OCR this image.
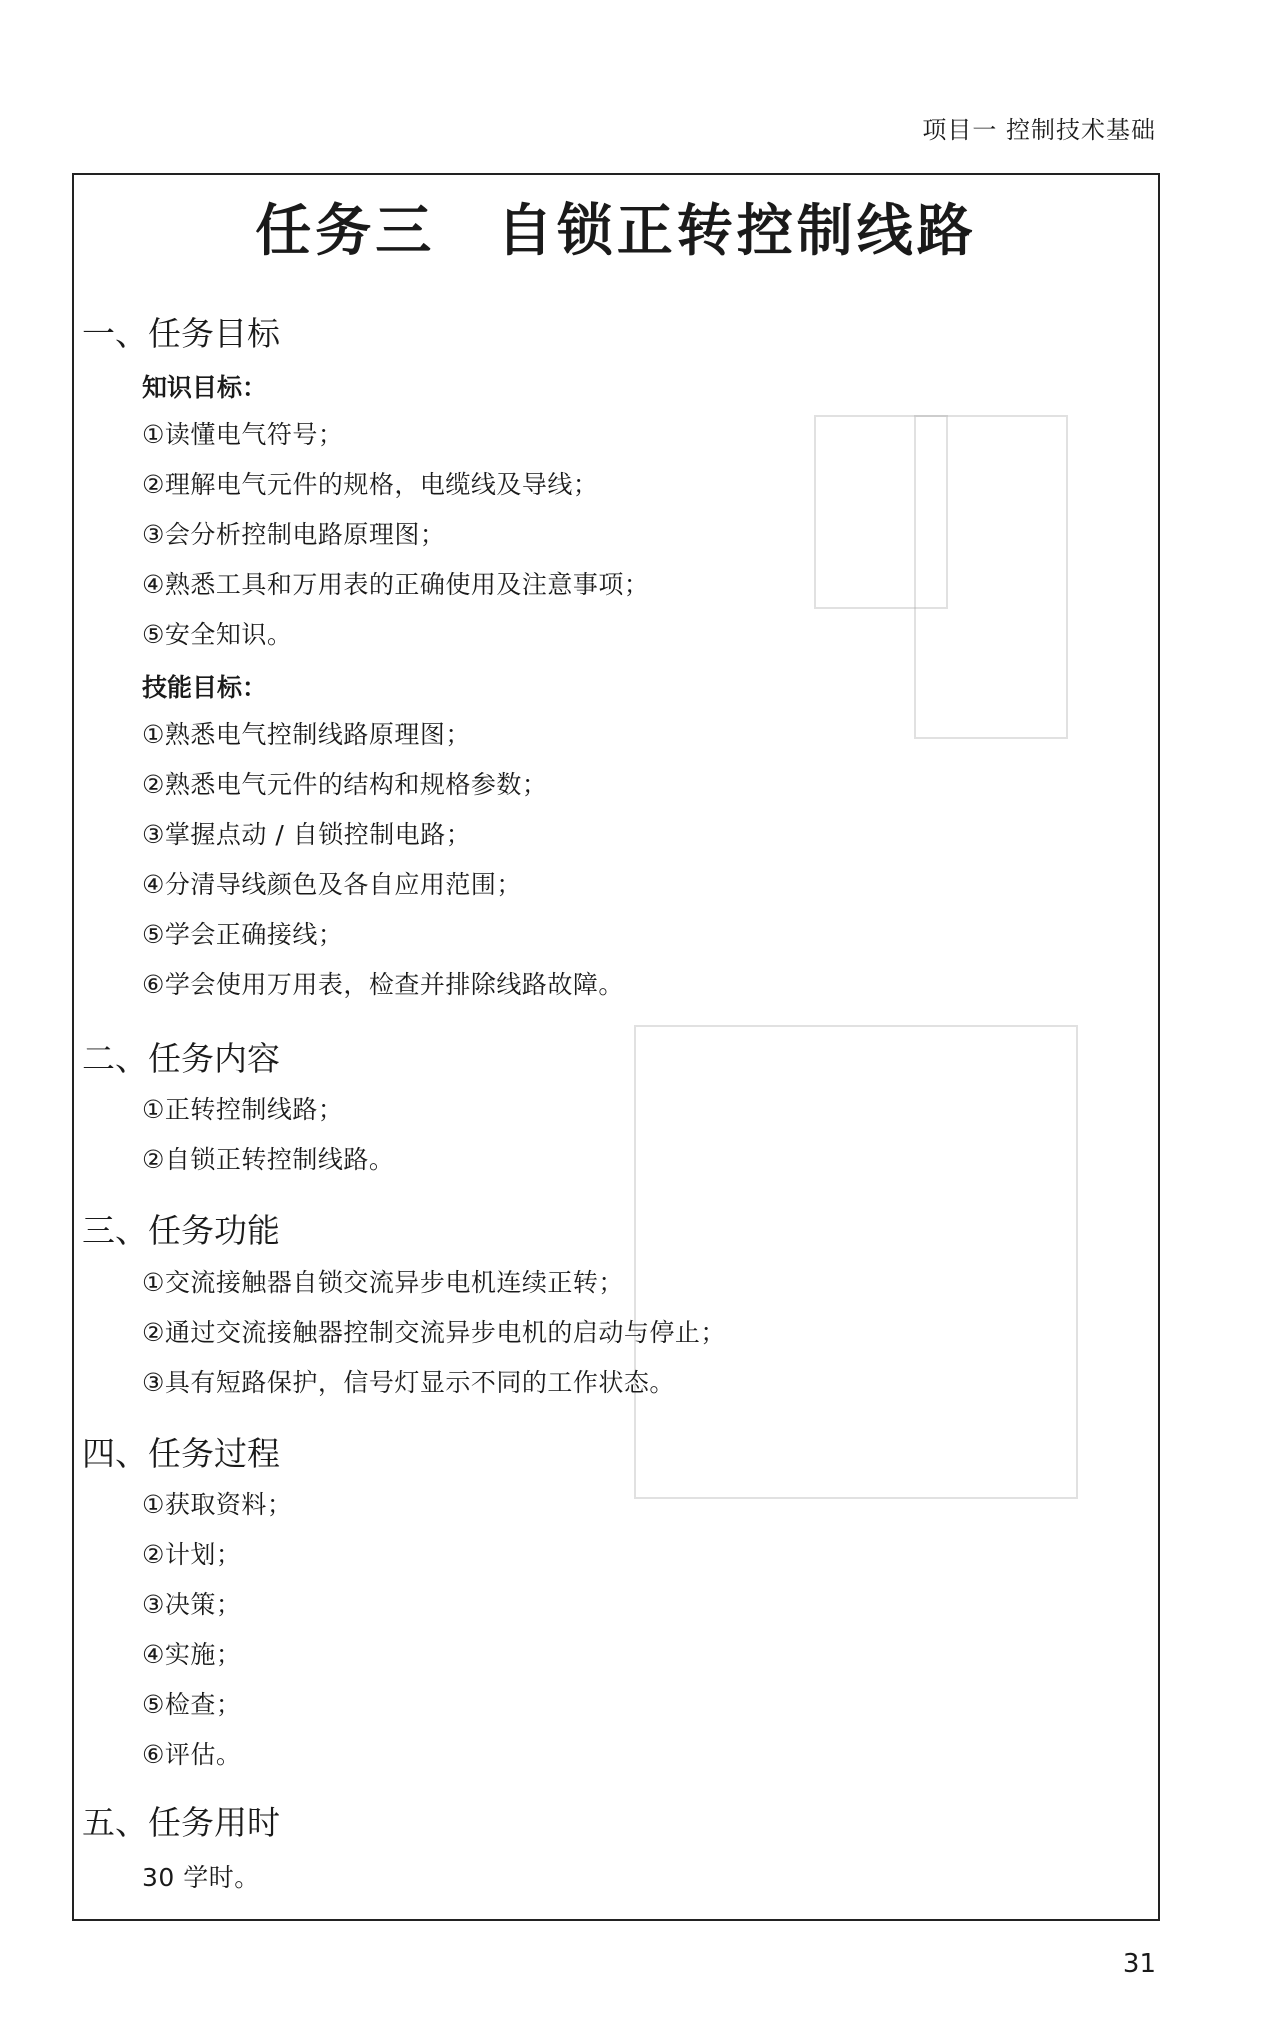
项目一 控制技术基础
任务三 自锁正转控制线路
一、任务目标
知识目标：
①读懂电气符号；
②理解电气元件的规格，电缆线及导线；
③会分析控制电路原理图；
④熟悉工具和万用表的正确使用及注意事项；
⑤安全知识。
技能目标：
①熟悉电气控制线路原理图；
②熟悉电气元件的结构和规格参数；
③掌握点动 / 自锁控制电路；
④分清导线颜色及各自应用范围；
⑤学会正确接线；
⑥学会使用万用表，检查并排除线路故障。
二、任务内容
①正转控制线路；
②自锁正转控制线路。
三、任务功能
①交流接触器自锁交流异步电机连续正转；
②通过交流接触器控制交流异步电机的启动与停止；
③具有短路保护，信号灯显示不同的工作状态。
四、任务过程
①获取资料；
②计划；
③决策；
④实施；
⑤检查；
⑥评估。
五、任务用时
30 学时。
31
